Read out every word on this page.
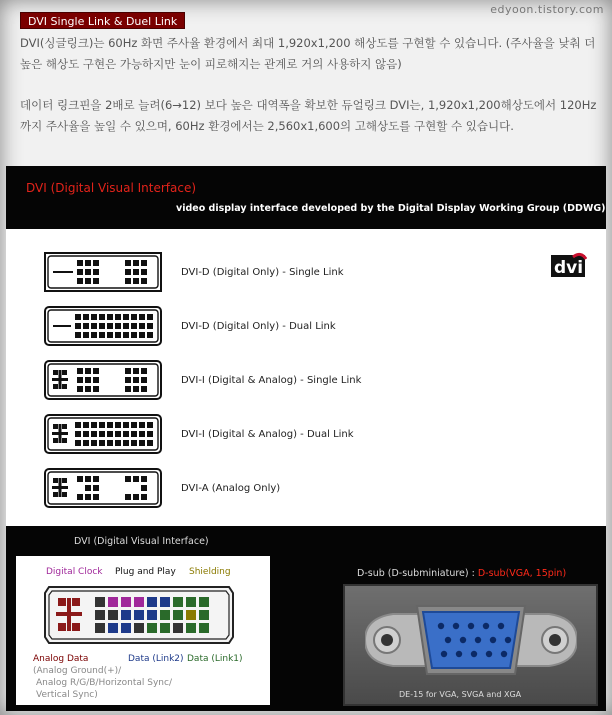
edyoon.tistory.com
DVI Single Link & Duel Link

DVI(싱글링크)는 60Hz 화면 주사율 환경에서 최대 1,920x1,200 해상도를 구현할 수 있습니다. (주사율을 낮춰 더 높은 해상도 구현은 가능하지만 눈이 피로해지는 관계로 거의 사용하지 않음)

데이터 링크핀을 2배로 늘려(6→12) 보다 높은 대역폭을 확보한 듀얼링크 DVI는, 1,920x1,200해상도에서 120Hz까지 주사율을 높일 수 있으며, 60Hz 환경에서는 2,560x1,600의 고해상도를 구현할 수 있습니다.

DVI (Digital Visual Interface)
video display interface developed by the Digital Display Working Group (DDWG)
DVI-D (Digital Only) - Single Link
DVI-D (Digital Only) - Dual Link
DVI-I (Digital & Analog) - Single Link
DVI-I (Digital & Analog) - Dual Link
DVI-A (Analog Only)
dvi
DVI (Digital Visual Interface)
Digital Clock Plug and Play Shielding
Analog Data	Data (Link2) Data (Link1)
(Analog Ground(+)/
Analog R/G/B/Horizontal Sync/
Vertical Sync)
D-sub (D-subminiature) : D-sub(VGA, 15pin)
DE-15 for VGA, SVGA and XGA
